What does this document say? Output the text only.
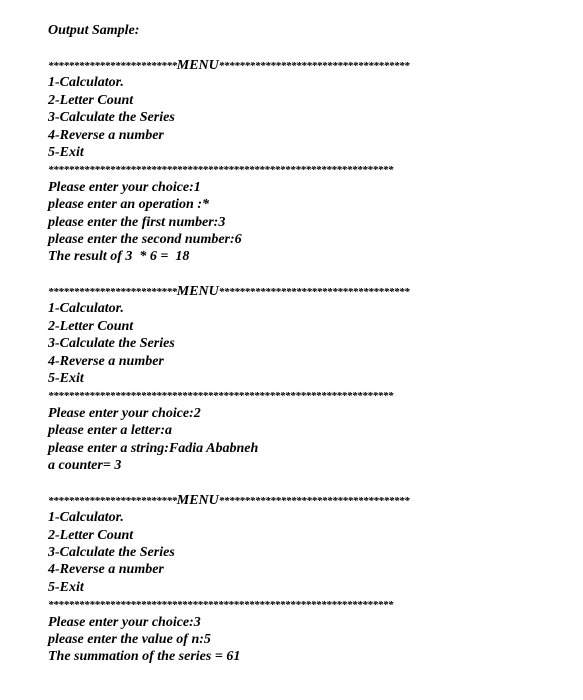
Output Sample:
*************************MENU*************************************
1-Calculator.
2-Letter Count
3-Calculate the Series
4-Reverse a number
5-Exit
*******************************************************************
Please enter your choice:1
please enter an operation :*
please enter the first number:3
please enter the second number:6
The result of 3  * 6 =  18
*************************MENU*************************************
1-Calculator.
2-Letter Count
3-Calculate the Series
4-Reverse a number
5-Exit
*******************************************************************
Please enter your choice:2
please enter a letter:a
please enter a string:Fadia Ababneh
a counter= 3
*************************MENU*************************************
1-Calculator.
2-Letter Count
3-Calculate the Series
4-Reverse a number
5-Exit
*******************************************************************
Please enter your choice:3
please enter the value of n:5
The summation of the series = 61
